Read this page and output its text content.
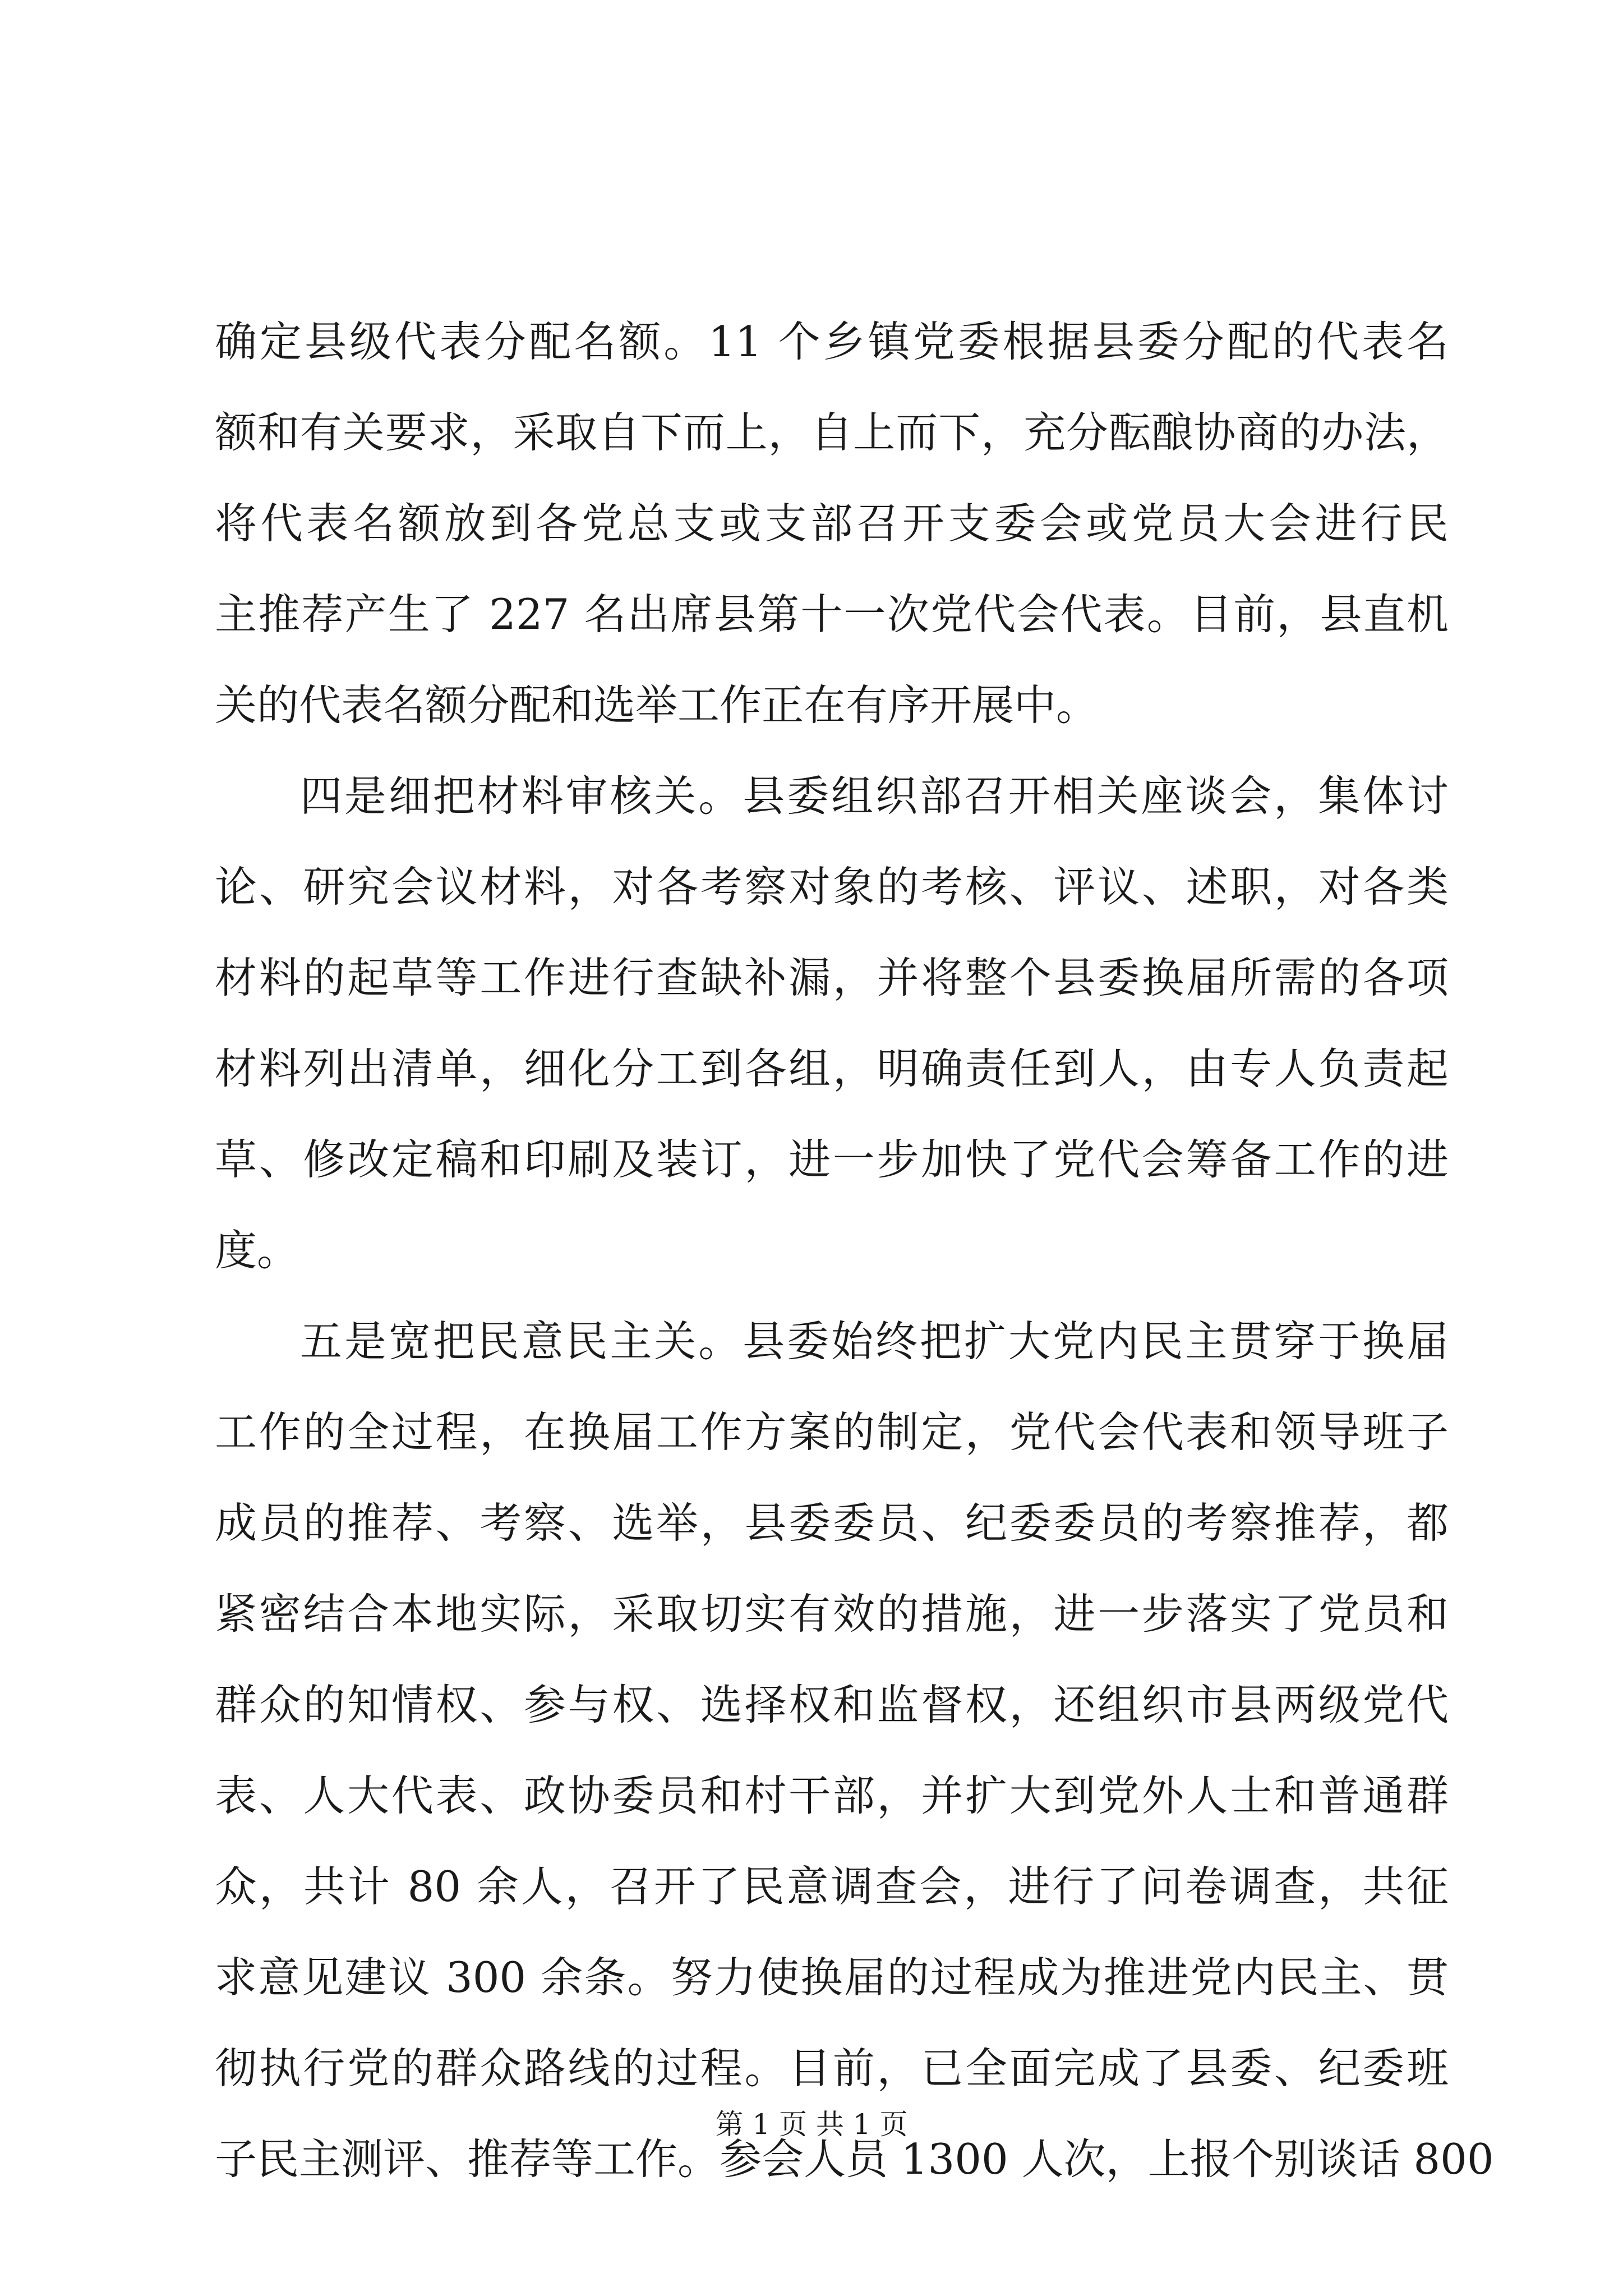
确定县级代表分配名额。11 个乡镇党委根据县委分配的代表名
额和有关要求，采取自下而上，自上而下，充分酝酿协商的办法，
将代表名额放到各党总支或支部召开支委会或党员大会进行民
主推荐产生了 227 名出席县第十一次党代会代表。目前，县直机
关的代表名额分配和选举工作正在有序开展中。
四是细把材料审核关。县委组织部召开相关座谈会，集体讨
论、研究会议材料，对各考察对象的考核、评议、述职，对各类
材料的起草等工作进行查缺补漏，并将整个县委换届所需的各项
材料列出清单，细化分工到各组，明确责任到人，由专人负责起
草、修改定稿和印刷及装订，进一步加快了党代会筹备工作的进
度。
五是宽把民意民主关。县委始终把扩大党内民主贯穿于换届
工作的全过程，在换届工作方案的制定，党代会代表和领导班子
成员的推荐、考察、选举，县委委员、纪委委员的考察推荐，都
紧密结合本地实际，采取切实有效的措施，进一步落实了党员和
群众的知情权、参与权、选择权和监督权，还组织市县两级党代
表、人大代表、政协委员和村干部，并扩大到党外人士和普通群
众，共计 80 余人，召开了民意调查会，进行了问卷调查，共征
求意见建议 300 余条。努力使换届的过程成为推进党内民主、贯
彻执行党的群众路线的过程。目前，已全面完成了县委、纪委班
子民主测评、推荐等工作。参会人员 1300 人次，上报个别谈话 800
第 1 页 共 1 页
